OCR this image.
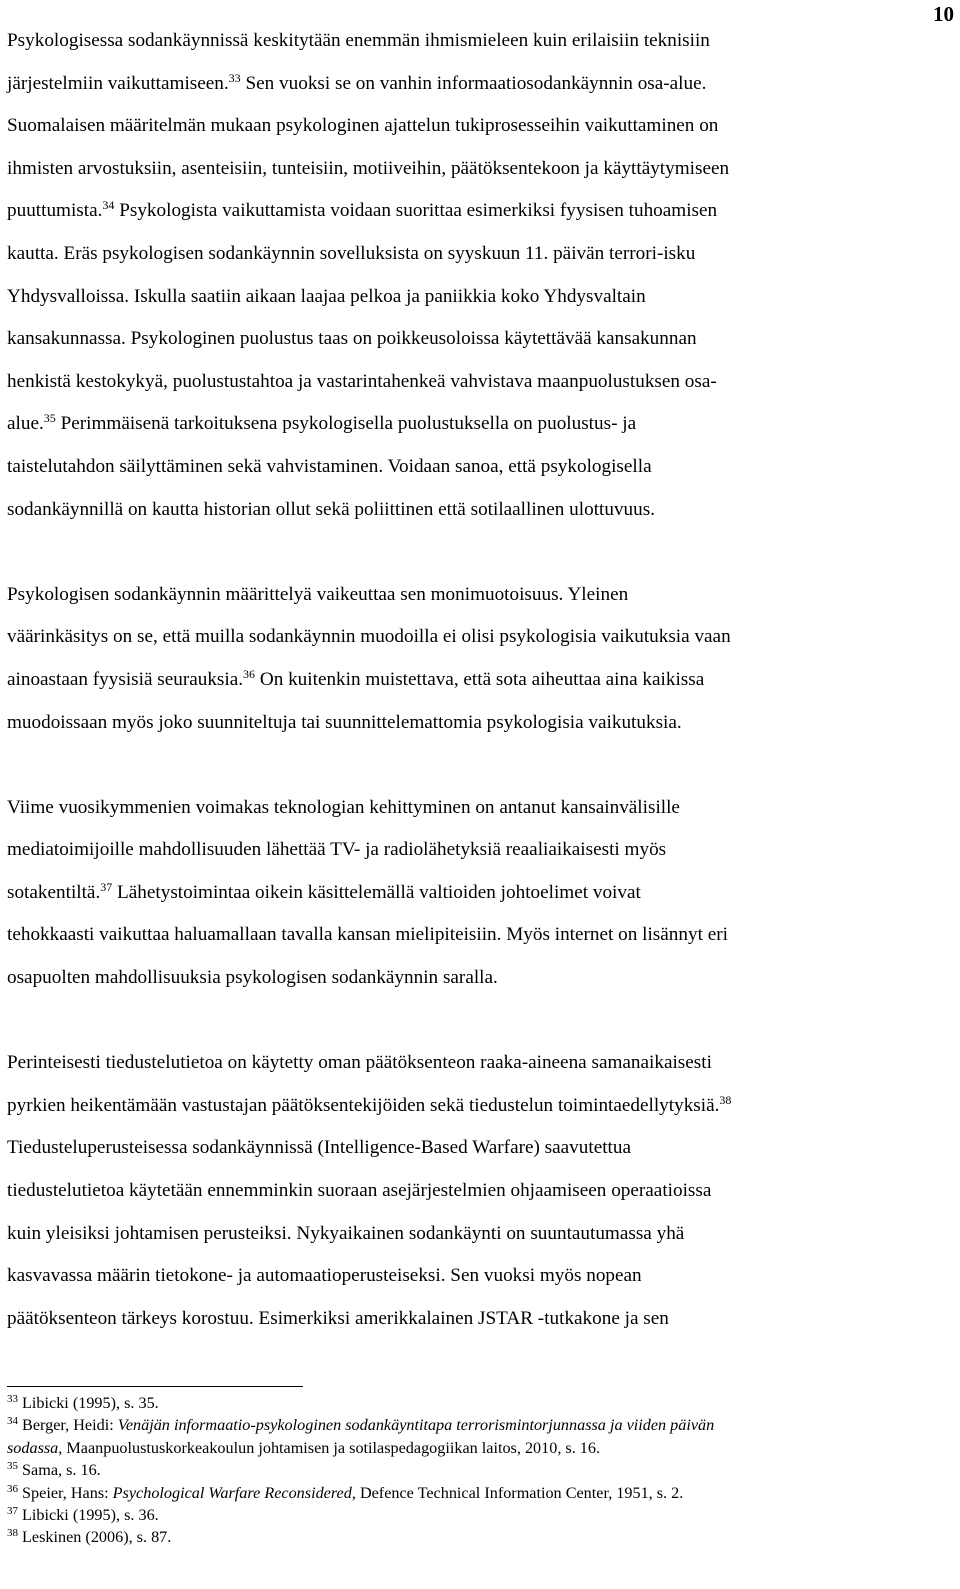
10
Psykologisessa sodankäynnissä keskitytään enemmän ihmismieleen kuin erilaisiin teknisiin
järjestelmiin vaikuttamiseen.$^{33}$ Sen vuoksi se on vanhin informaatiosodankäynnin osa-alue.
Suomalaisen määritelmän mukaan psykologinen ajattelun tukiprosesseihin vaikuttaminen on
ihmisten arvostuksiin, asenteisiin, tunteisiin, motiiveihin, päätöksentekoon ja käyttäytymiseen
puuttumista.$^{34}$ Psykologista vaikuttamista voidaan suorittaa esimerkiksi fyysisen tuhoamisen
kautta. Eräs psykologisen sodankäynnin sovelluksista on syyskuun 11. päivän terrori-isku
Yhdysvalloissa. Iskulla saatiin aikaan laajaa pelkoa ja paniikkia koko Yhdysvaltain
kansakunnassa. Psykologinen puolustus taas on poikkeusoloissa käytettävää kansakunnan
henkistä kestokykyä, puolustustahtoa ja vastarintahenkeä vahvistava maanpuolustuksen osa-
alue.$^{35}$ Perimmäisenä tarkoituksena psykologisella puolustuksella on puolustus- ja
taistelutahdon säilyttäminen sekä vahvistaminen. Voidaan sanoa, että psykologisella
sodankäynnillä on kautta historian ollut sekä poliittinen että sotilaallinen ulottuvuus.
Psykologisen sodankäynnin määrittelyä vaikeuttaa sen monimuotoisuus. Yleinen
väärinkäsitys on se, että muilla sodankäynnin muodoilla ei olisi psykologisia vaikutuksia vaan
ainoastaan fyysisiä seurauksia.$^{36}$ On kuitenkin muistettava, että sota aiheuttaa aina kaikissa
muodoissaan myös joko suunniteltuja tai suunnittelemattomia psykologisia vaikutuksia.
Viime vuosikymmenien voimakas teknologian kehittyminen on antanut kansainvälisille
mediatoimijoille mahdollisuuden lähettää TV- ja radiolähetyksiä reaaliaikaisesti myös
sotakentiltä.$^{37}$ Lähetystoimintaa oikein käsittelemällä valtioiden johtoelimet voivat
tehokkaasti vaikuttaa haluamallaan tavalla kansan mielipiteisiin. Myös internet on lisännyt eri
osapuolten mahdollisuuksia psykologisen sodankäynnin saralla.
Perinteisesti tiedustelutietoa on käytetty oman päätöksenteon raaka-aineena samanaikaisesti
pyrkien heikentämään vastustajan päätöksentekijöiden sekä tiedustelun toimintaedellytyksiä.$^{38}$
Tiedusteluperusteisessa sodankäynnissä (Intelligence-Based Warfare) saavutettua
tiedustelutietoa käytetään ennemminkin suoraan asejärjestelmien ohjaamiseen operaatioissa
kuin yleisiksi johtamisen perusteiksi. Nykyaikainen sodankäynti on suuntautumassa yhä
kasvavassa määrin tietokone- ja automaatioperusteiseksi. Sen vuoksi myös nopean
päätöksenteon tärkeys korostuu. Esimerkiksi amerikkalainen JSTAR -tutkakone ja sen
$^{33}$ Libicki (1995), s. 35.
$^{34}$ Berger, Heidi: Venäjän informaatio-psykologinen sodankäyntitapa terrorismintorjunnassa ja viiden päivän
sodassa, Maanpuolustuskorkeakoulun johtamisen ja sotilaspedagogiikan laitos, 2010, s. 16.
$^{35}$ Sama, s. 16.
$^{36}$ Speier, Hans: Psychological Warfare Reconsidered, Defence Technical Information Center, 1951, s. 2.
$^{37}$ Libicki (1995), s. 36.
$^{38}$ Leskinen (2006), s. 87.
